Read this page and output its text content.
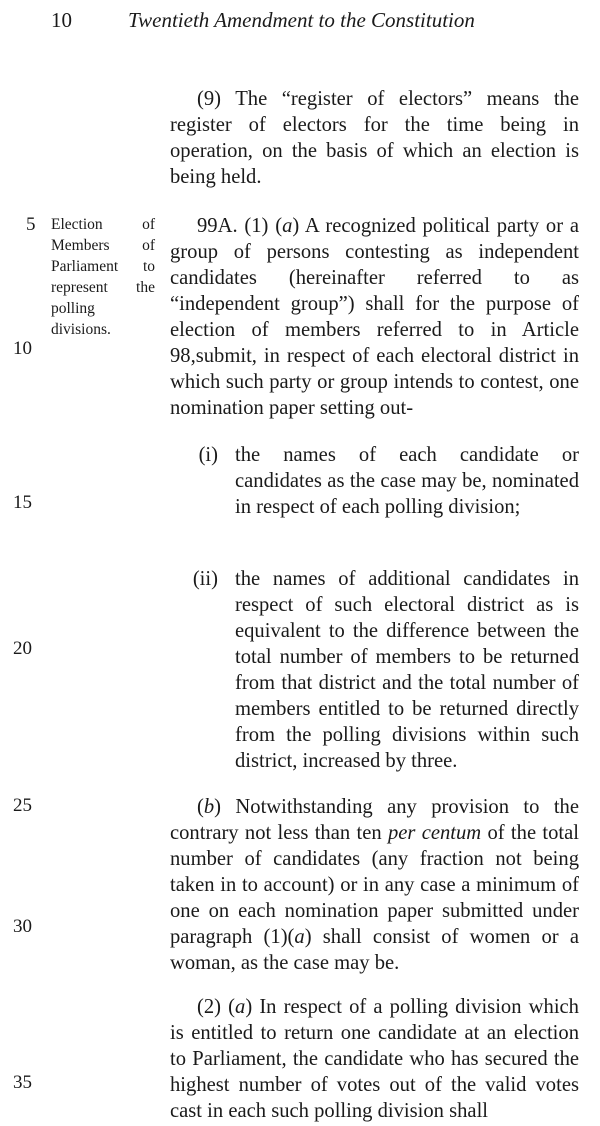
10	Twentieth Amendment to the Constitution
5
10
15
20
25
30
35
Election of Members of Parliament to represent the polling divisions.
(9) The “register of electors” means the register of electors for the time being in operation, on the basis of which an election is being held.
99A. (1) (a) A recognized political party or a group of persons contesting as independent candidates (hereinafter referred to as “independent group”) shall for the purpose of election of members referred to in Article 98,submit, in respect of each electoral district in which such party or group intends to contest, one nomination paper setting out-
(i) the names of each candidate or candidates as the case may be, nominated in respect of each polling division;
(ii) the names of additional candidates in respect of such electoral district as is equivalent to the difference between the total number of members to be returned from that district and the total number of members entitled to be returned directly from the polling divisions within such district, increased by three.
(b) Notwithstanding any provision to the contrary not less than ten per centum of the total number of candidates (any fraction not being taken in to account) or in any case a minimum of one on each nomination paper submitted under paragraph (1)(a) shall consist of women or a woman, as the case may be.
(2) (a) In respect of a polling division which is entitled to return one candidate at an election to Parliament, the candidate who has secured the highest number of votes out of the valid votes cast in each such polling division shall
